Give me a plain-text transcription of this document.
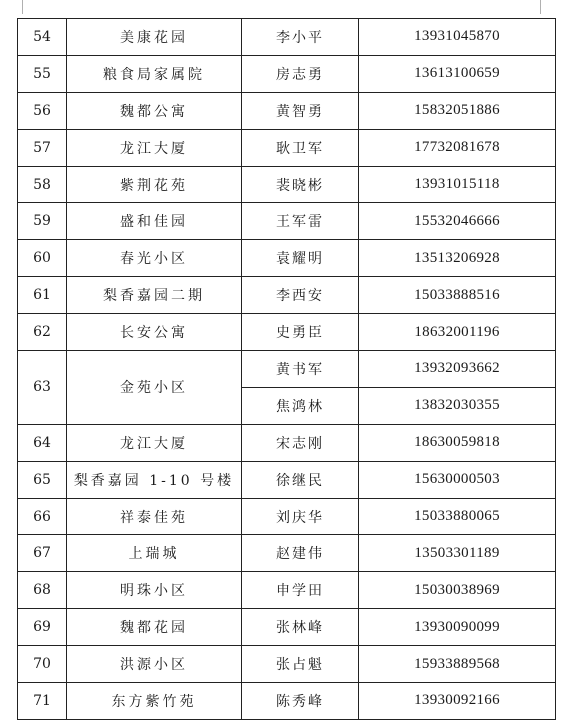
54	美康花园	李小平	13931045870
55	粮食局家属院	房志勇	13613100659
56	魏都公寓	黄智勇	15832051886
57	龙江大厦	耿卫军	17732081678
58	紫荆花苑	裴晓彬	13931015118
59	盛和佳园	王军雷	15532046666
60	春光小区	袁耀明	13513206928
61	梨香嘉园二期	李西安	15033888516
62	长安公寓	史勇臣	18632001196
63	金苑小区	黄书军	13932093662
		焦鸿林	13832030355
64	龙江大厦	宋志刚	18630059818
65	梨香嘉园 1-10 号楼	徐继民	15630000503
66	祥泰佳苑	刘庆华	15033880065
67	上瑞城	赵建伟	13503301189
68	明珠小区	申学田	15030038969
69	魏都花园	张林峰	13930090099
70	洪源小区	张占魁	15933889568
71	东方紫竹苑	陈秀峰	13930092166
